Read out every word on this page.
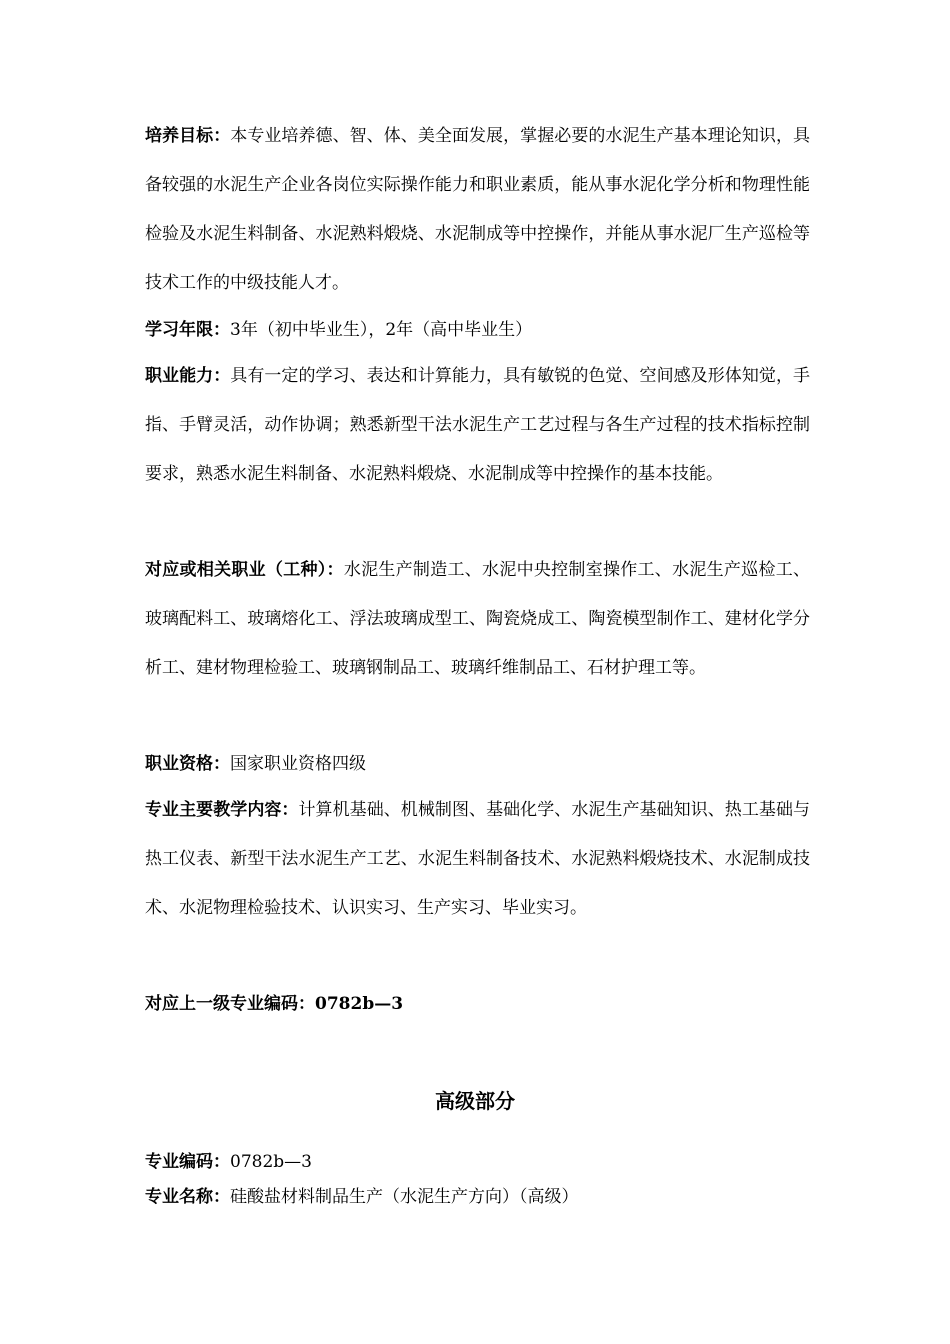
培养目标：本专业培养德、智、体、美全面发展，掌握必要的水泥生产基本理论知识，具备较强的水泥生产企业各岗位实际操作能力和职业素质，能从事水泥化学分析和物理性能检验及水泥生料制备、水泥熟料煅烧、水泥制成等中控操作，并能从事水泥厂生产巡检等技术工作的中级技能人才。
学习年限：3年（初中毕业生），2年（高中毕业生）
职业能力：具有一定的学习、表达和计算能力，具有敏锐的色觉、空间感及形体知觉，手指、手臂灵活，动作协调；熟悉新型干法水泥生产工艺过程与各生产过程的技术指标控制要求，熟悉水泥生料制备、水泥熟料煅烧、水泥制成等中控操作的基本技能。
对应或相关职业（工种）：水泥生产制造工、水泥中央控制室操作工、水泥生产巡检工、玻璃配料工、玻璃熔化工、浮法玻璃成型工、陶瓷烧成工、陶瓷模型制作工、建材化学分析工、建材物理检验工、玻璃钢制品工、玻璃纤维制品工、石材护理工等。
职业资格：国家职业资格四级
专业主要教学内容：计算机基础、机械制图、基础化学、水泥生产基础知识、热工基础与热工仪表、新型干法水泥生产工艺、水泥生料制备技术、水泥熟料煅烧技术、水泥制成技术、水泥物理检验技术、认识实习、生产实习、毕业实习。
对应上一级专业编码：0782b—3
高级部分
专业编码：0782b—3
专业名称：硅酸盐材料制品生产（水泥生产方向）（高级）
